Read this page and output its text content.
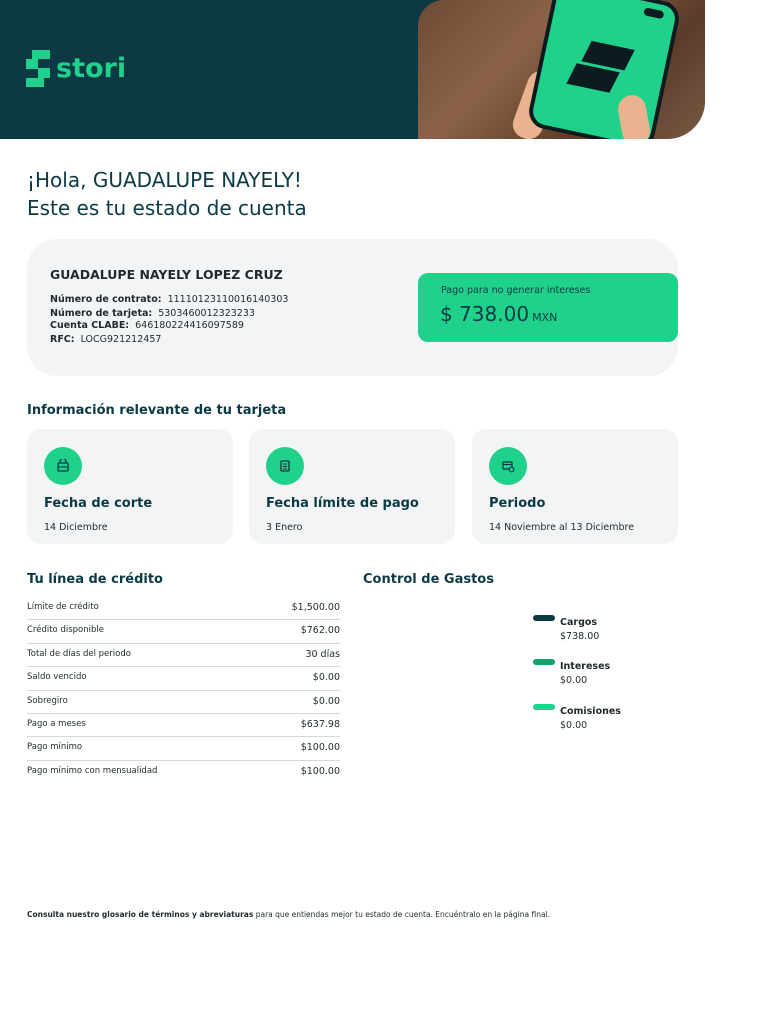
stori
¡Hola, GUADALUPE NAYELY!
Este es tu estado de cuenta
GUADALUPE NAYELY LOPEZ CRUZ
Número de contrato: 11110123110016140303
Número de tarjeta: 5303460012323233
Cuenta CLABE: 646180224416097589
RFC: LOCG921212457
Pago para no generar intereses
$ 738.00 MXN
Información relevante de tu tarjeta
Fecha de corte
14 Diciembre
Fecha límite de pago
3 Enero
Periodo
14 Noviembre al 13 Diciembre
Tu línea de crédito
Límite de crédito	$1,500.00
Crédito disponible	$762.00
Total de días del periodo	30 días
Saldo vencido	$0.00
Sobregiro	$0.00
Pago a meses	$637.98
Pago mínimo	$100.00
Pago mínimo con mensualidad	$100.00
Control de Gastos
Cargos
$738.00
Intereses
$0.00
Comisiones
$0.00
Consulta nuestro glosario de términos y abreviaturas para que entiendas mejor tu estado de cuenta. Encuéntralo en la página final.
